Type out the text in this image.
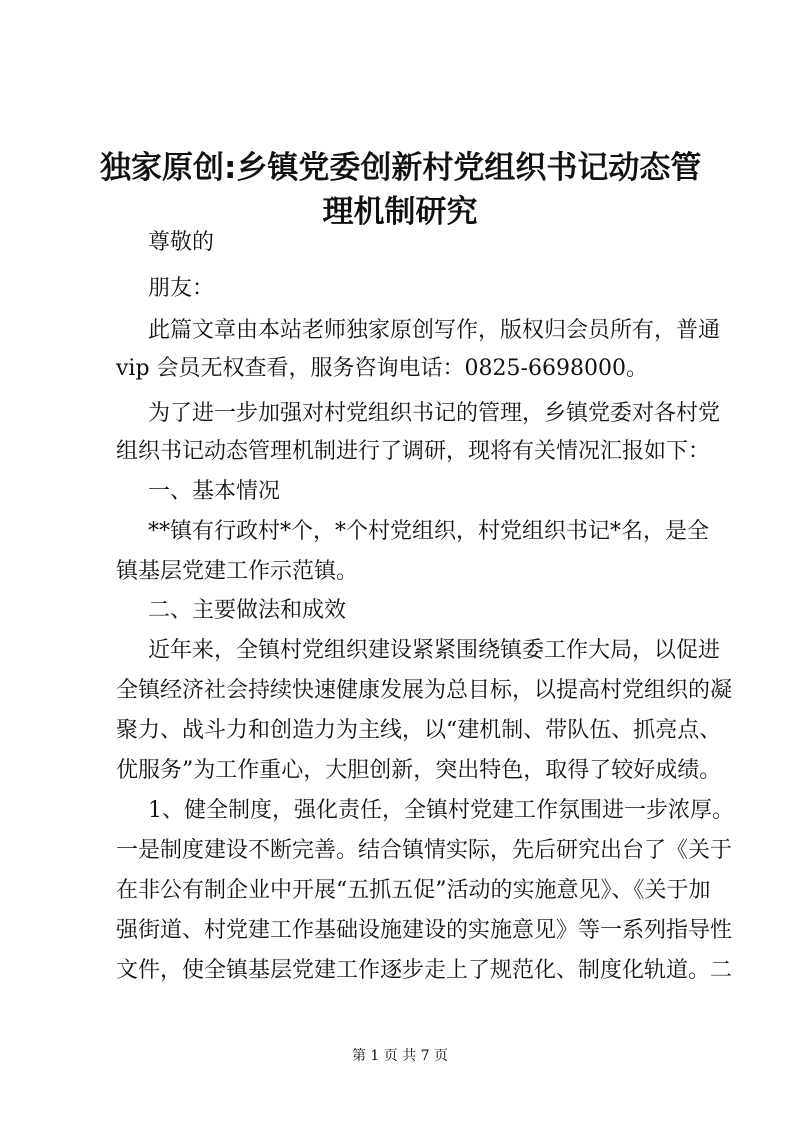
独家原创:乡镇党委创新村党组织书记动态管
理机制研究
尊敬的
朋友：
此篇文章由本站老师独家原创写作，版权归会员所有，普通
vip 会员无权查看，服务咨询电话：0825-6698000。
为了进一步加强对村党组织书记的管理，乡镇党委对各村党
组织书记动态管理机制进行了调研，现将有关情况汇报如下：
一、基本情况
**镇有行政村*个，*个村党组织，村党组织书记*名，是全
镇基层党建工作示范镇。
二、主要做法和成效
近年来，全镇村党组织建设紧紧围绕镇委工作大局，以促进
全镇经济社会持续快速健康发展为总目标，以提高村党组织的凝
聚力、战斗力和创造力为主线，以“建机制、带队伍、抓亮点、
优服务”为工作重心，大胆创新，突出特色，取得了较好成绩。
1、健全制度，强化责任，全镇村党建工作氛围进一步浓厚。
一是制度建设不断完善。结合镇情实际，先后研究出台了《关于
在非公有制企业中开展“五抓五促”活动的实施意见》、《关于加
强街道、村党建工作基础设施建设的实施意见》等一系列指导性
文件，使全镇基层党建工作逐步走上了规范化、制度化轨道。二
第 1 页 共 7 页
